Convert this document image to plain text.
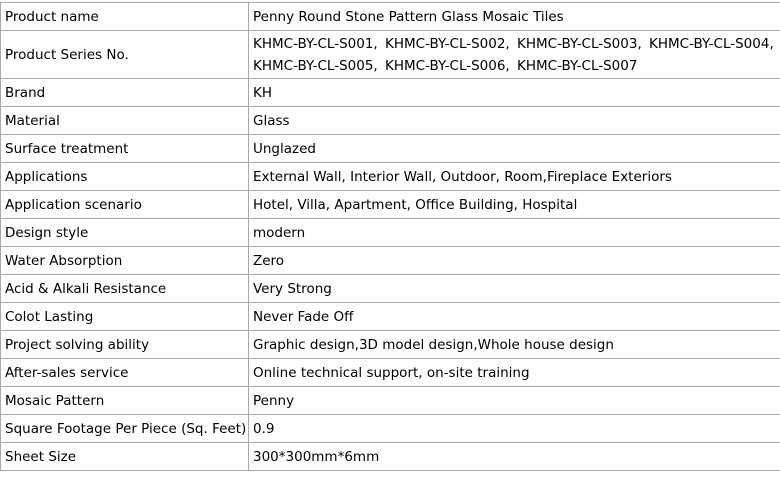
Product name	Penny Round Stone Pattern Glass Mosaic Tiles
Product Series No.	KHMC-BY-CL-S001, KHMC-BY-CL-S002, KHMC-BY-CL-S003, KHMC-BY-CL-S004, KHMC-BY-CL-S005, KHMC-BY-CL-S006, KHMC-BY-CL-S007
Brand	KH
Material	Glass
Surface treatment	Unglazed
Applications	External Wall, Interior Wall, Outdoor, Room,Fireplace Exteriors
Application scenario	Hotel, Villa, Apartment, Office Building, Hospital
Design style	modern
Water Absorption	Zero
Acid & Alkali Resistance	Very Strong
Colot Lasting	Never Fade Off
Project solving ability	Graphic design,3D model design,Whole house design
After-sales service	Online technical support, on-site training
Mosaic Pattern	Penny
Square Footage Per Piece (Sq. Feet)	0.9
Sheet Size	300*300mm*6mm
